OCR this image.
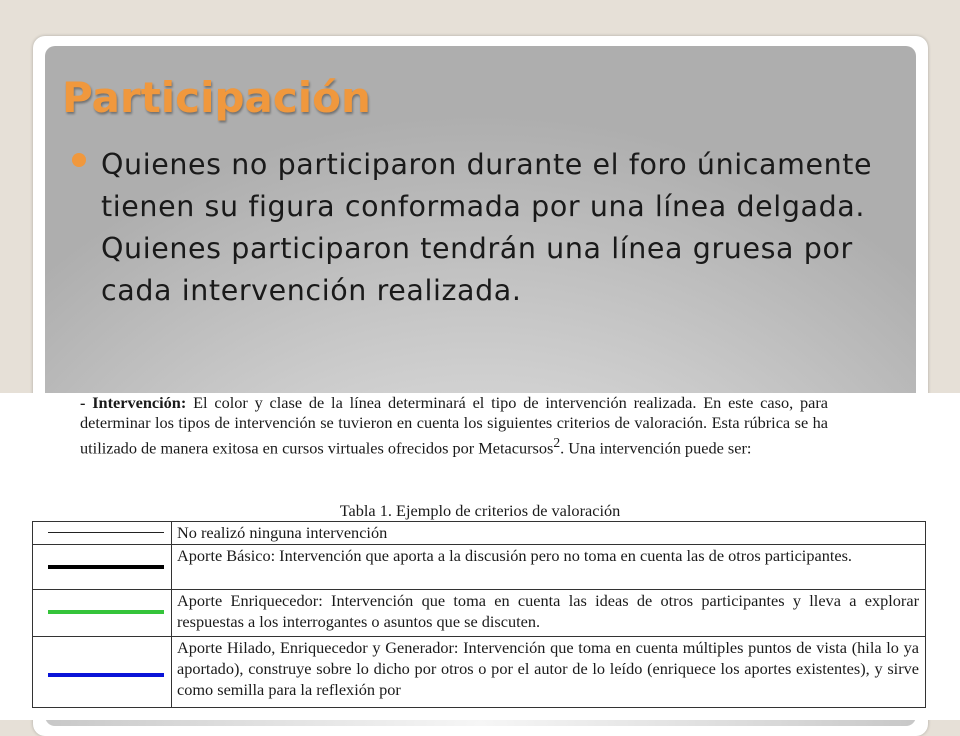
Participación

Quienes no participaron durante el foro únicamente tienen su figura conformada por una línea delgada. Quienes participaron tendrán una línea gruesa por cada intervención realizada.

- Intervención: El color y clase de la línea determinará el tipo de intervención realizada. En este caso, para determinar los tipos de intervención se tuvieron en cuenta los siguientes criterios de valoración. Esta rúbrica se ha utilizado de manera exitosa en cursos virtuales ofrecidos por Metacursos$^2$. Una intervención puede ser:

Tabla 1. Ejemplo de criterios de valoración

	No realizó ninguna intervención

	Aporte Básico: Intervención que aporta a la discusión pero no toma en cuenta las de otros participantes.

	Aporte Enriquecedor: Intervención que toma en cuenta las ideas de otros participantes y lleva a explorar respuestas a los interrogantes o asuntos que se discuten.

	Aporte Hilado, Enriquecedor y Generador: Intervención que toma en cuenta múltiples puntos de vista (hila lo ya aportado), construye sobre lo dicho por otros o por el autor de lo leído (enriquece los aportes existentes), y sirve como semilla para la reflexión por
